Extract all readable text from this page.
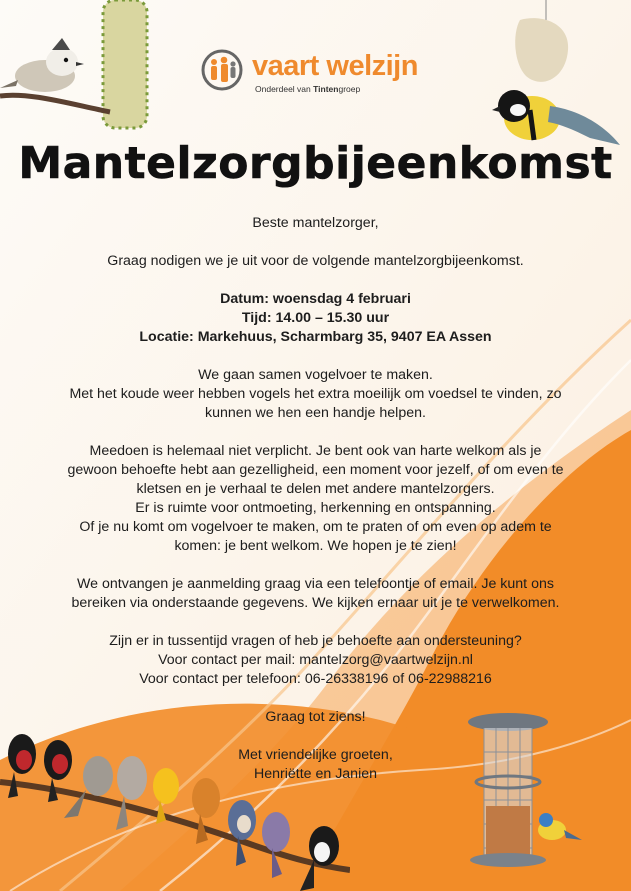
vaart welzijn
Onderdeel van Tintengroep
Mantelzorgbijeenkomst

Beste mantelzorger,

Graag nodigen we je uit voor de volgende mantelzorgbijeenkomst.

Datum: woensdag 4 februari

Tijd: 14.00 – 15.30 uur

Locatie: Markehuus, Scharmbarg 35, 9407 EA Assen

We gaan samen vogelvoer te maken.

Met het koude weer hebben vogels het extra moeilijk om voedsel te vinden, zo

kunnen we hen een handje helpen.

Meedoen is helemaal niet verplicht. Je bent ook van harte welkom als je

gewoon behoefte hebt aan gezelligheid, een moment voor jezelf, of om even te

kletsen en je verhaal te delen met andere mantelzorgers.

Er is ruimte voor ontmoeting, herkenning en ontspanning.

Of je nu komt om vogelvoer te maken, om te praten of om even op adem te

komen: je bent welkom. We hopen je te zien!

We ontvangen je aanmelding graag via een telefoontje of email. Je kunt ons

bereiken via onderstaande gegevens. We kijken ernaar uit je te verwelkomen.

Zijn er in tussentijd vragen of heb je behoefte aan ondersteuning?

Voor contact per mail: mantelzorg@vaartwelzijn.nl

Voor contact per telefoon: 06-26338196 of 06-22988216

Graag tot ziens!

Met vriendelijke groeten,

Henriëtte en Janien
